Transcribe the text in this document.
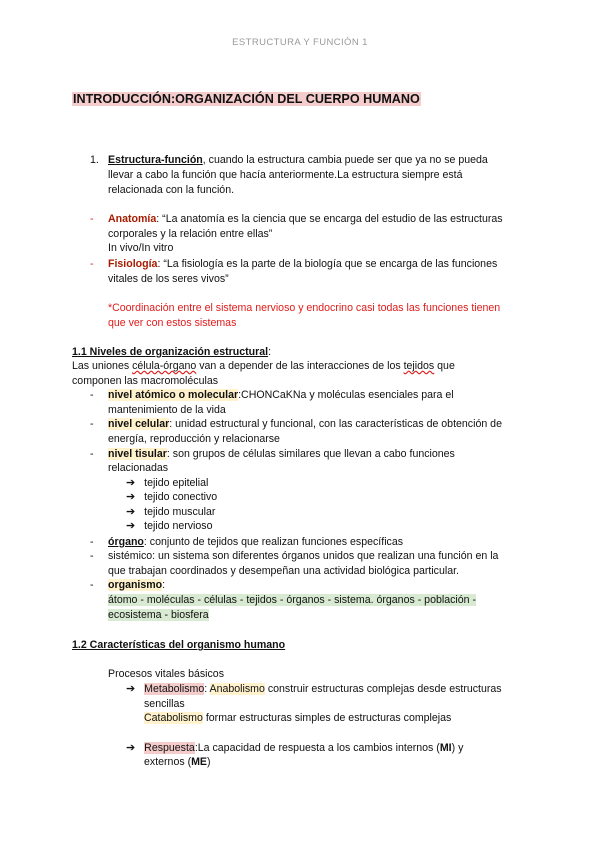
ESTRUCTURA Y FUNCIÓN 1
INTRODUCCIÓN:ORGANIZACIÓN DEL CUERPO HUMANO
1. Estructura-función, cuando la estructura cambia puede ser que ya no se pueda
llevar a cabo la función que hacía anteriormente.La estructura siempre está
relacionada con la función.
- Anatomía: “La anatomía es la ciencia que se encarga del estudio de las estructuras
corporales y la relación entre ellas”
In vivo/In vitro
- Fisiología: “La fisiología es la parte de la biología que se encarga de las funciones
vitales de los seres vivos”
*Coordinación entre el sistema nervioso y endocrino casi todas las funciones tienen
que ver con estos sistemas
1.1 Niveles de organización estructural:
Las uniones célula-órgano van a depender de las interacciones de los tejidos que
componen las macromoléculas
- nivel atómico o molecular:CHONCaKNa y moléculas esenciales para el
mantenimiento de la vida
- nivel celular: unidad estructural y funcional, con las características de obtención de
energía, reproducción y relacionarse
- nivel tisular: son grupos de células similares que llevan a cabo funciones
relacionadas
➔ tejido epitelial
➔ tejido conectivo
➔ tejido muscular
➔ tejido nervioso
- órgano: conjunto de tejidos que realizan funciones específicas
- sistémico: un sistema son diferentes órganos unidos que realizan una función en la
que trabajan coordinados y desempeñan una actividad biológica particular.
- organismo:
átomo - moléculas - células - tejidos - órganos - sistema. órganos - población -
ecosistema - biosfera
1.2 Características del organismo humano
Procesos vitales básicos
➔ Metabolismo: Anabolismo construir estructuras complejas desde estructuras
sencillas
Catabolismo formar estructuras simples de estructuras complejas
➔ Respuesta:La capacidad de respuesta a los cambios internos (MI) y
externos (ME)
